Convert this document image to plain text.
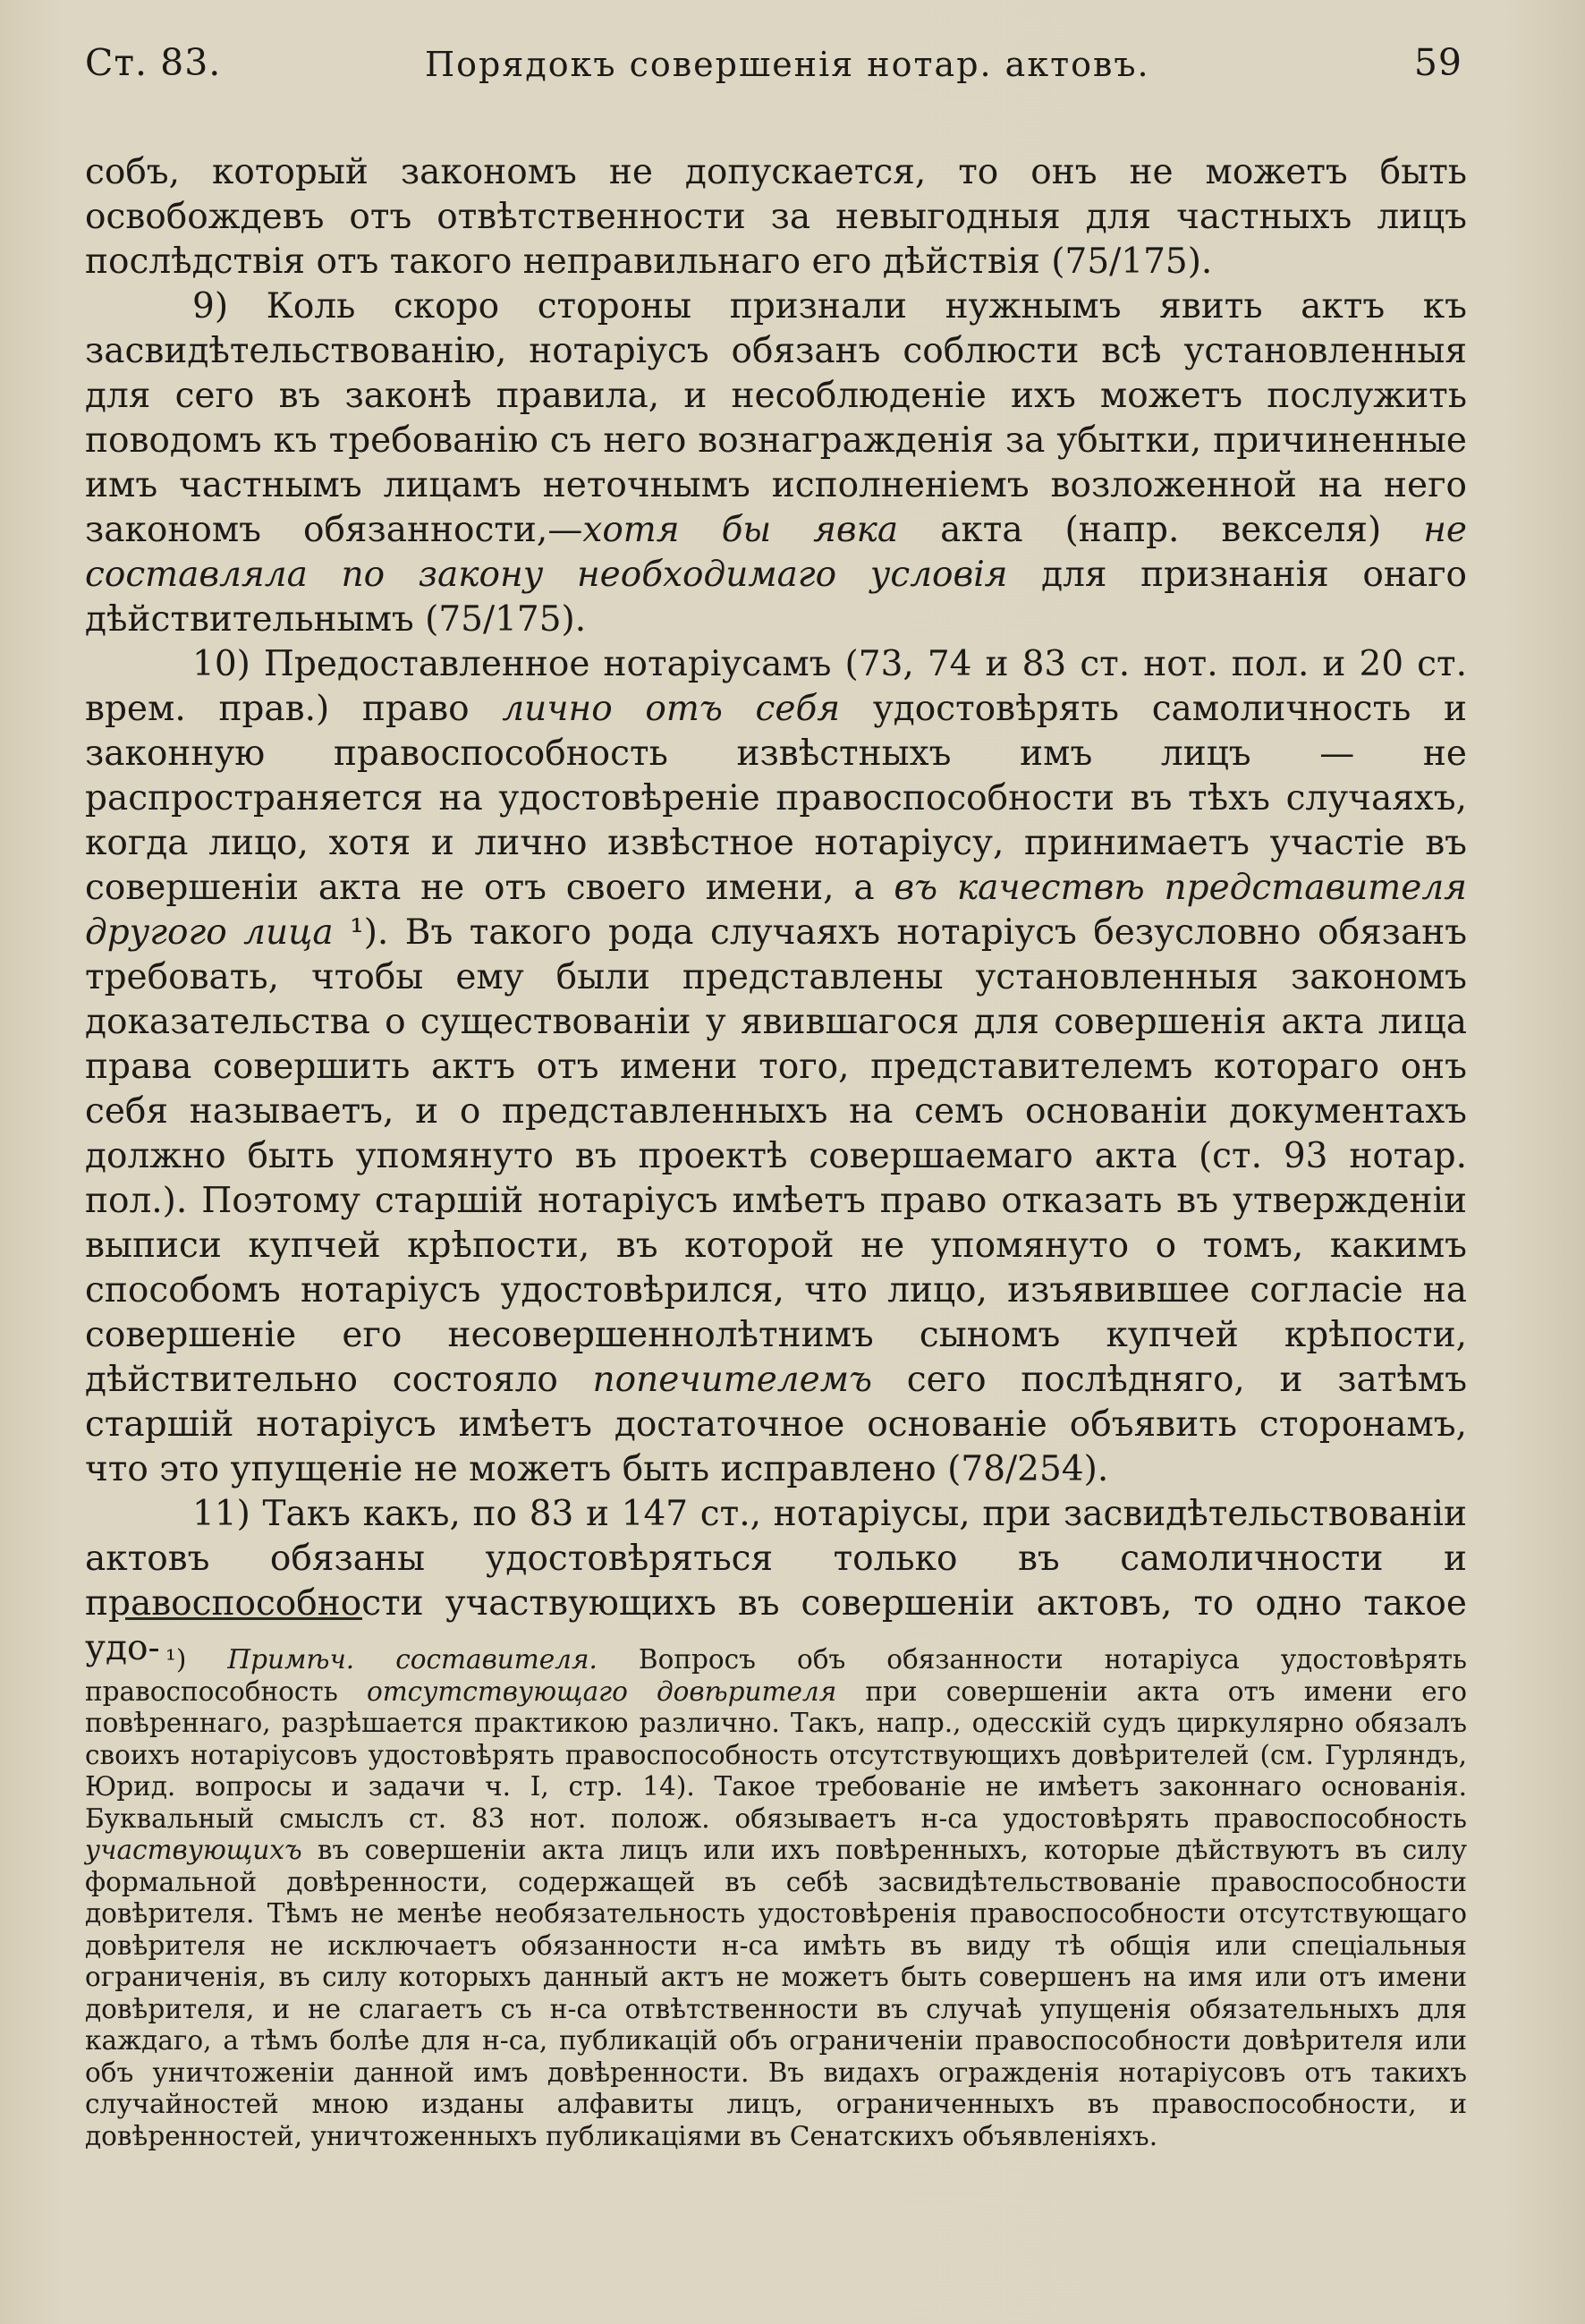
Ст. 83.	Порядокъ совершенія нотар. актовъ.	59

собъ, который закономъ не допускается, то онъ не можетъ быть освобождевъ отъ отвѣтственности за невыгодныя для частныхъ лицъ послѣдствія отъ такого неправильнаго его дѣйствія (75/175).

9) Коль скоро стороны признали нужнымъ явить актъ къ засвидѣтельствованію, нотаріусъ обязанъ соблюсти всѣ установленныя для сего въ законѣ правила, и несоблюденіе ихъ можетъ послужить поводомъ къ требованію съ него вознагражденія за убытки, причиненные имъ частнымъ лицамъ неточнымъ исполненіемъ возложенной на него закономъ обязанности,—хотя бы явка акта (напр. векселя) не составляла по закону необходимаго условія для признанія онаго дѣйствительнымъ (75/175).

10) Предоставленное нотаріусамъ (73, 74 и 83 ст. нот. пол. и 20 ст. врем. прав.) право лично отъ себя удостовѣрять самоличность и законную правоспособность извѣстныхъ имъ лицъ — не распространяется на удостовѣреніе правоспособности въ тѣхъ случаяхъ, когда лицо, хотя и лично извѣстное нотаріусу, принимаетъ участіе въ совершеніи акта не отъ своего имени, а въ качествѣ представителя другого лица ¹). Въ такого рода случаяхъ нотаріусъ безусловно обязанъ требовать, чтобы ему были представлены установленныя закономъ доказательства о существованіи у явившагося для совершенія акта лица права совершить актъ отъ имени того, представителемъ котораго онъ себя называетъ, и о представленныхъ на семъ основаніи документахъ должно быть упомянуто въ проектѣ совершаемаго акта (ст. 93 нотар. пол.). Поэтому старшій нотаріусъ имѣетъ право отказать въ утвержденіи выписи купчей крѣпости, въ которой не упомянуто о томъ, какимъ способомъ нотаріусъ удостовѣрился, что лицо, изъявившее согласіе на совершеніе его несовершеннолѣтнимъ сыномъ купчей крѣпости, дѣйствительно состояло попечителемъ сего послѣдняго, и затѣмъ старшій нотаріусъ имѣетъ достаточное основаніе объявить сторонамъ, что это упущеніе не можетъ быть исправлено (78/254).

11) Такъ какъ, по 83 и 147 ст., нотаріусы, при засвидѣтельствованіи актовъ обязаны удостовѣряться только въ самоличности и правоспособности участвующихъ въ совершеніи актовъ, то одно такое удо- ¹) Примѣч. составителя. Вопросъ объ обязанности нотаріуса удостовѣрять правоспособность отсутствующаго довѣрителя при совершеніи акта отъ имени его повѣреннаго, разрѣшается практикою различно. Такъ, напр., одесскій судъ циркулярно обязалъ своихъ нотаріусовъ удостовѣрять правоспособность отсутствующихъ довѣрителей (см. Гурляндъ, Юрид. вопросы и задачи ч. I, стр. 14). Такое требованіе не имѣетъ законнаго основанія. Буквальный смыслъ ст. 83 нот. полож. обязываетъ н-са удостовѣрять правоспособность участвующихъ въ совершеніи акта лицъ или ихъ повѣренныхъ, которые дѣйствуютъ въ силу формальной довѣренности, содержащей въ себѣ засвидѣтельствованіе правоспособности довѣрителя. Тѣмъ не менѣе необязательность удостовѣренія правоспособности отсутствующаго довѣрителя не исключаетъ обязанности н-са имѣть въ виду тѣ общія или спеціальныя ограниченія, въ силу которыхъ данный актъ не можетъ быть совершенъ на имя или отъ имени довѣрителя, и не слагаетъ съ н-са отвѣтственности въ случаѣ упущенія обязательныхъ для каждаго, а тѣмъ болѣе для н-са, публикацій объ ограниченіи правоспособности довѣрителя или объ уничтоженіи данной имъ довѣренности. Въ видахъ огражденія нотаріусовъ отъ такихъ случайностей мною изданы алфавиты лицъ, ограниченныхъ въ правоспособности, и довѣренностей, уничтоженныхъ публикаціями въ Сенатскихъ объявленіяхъ.
